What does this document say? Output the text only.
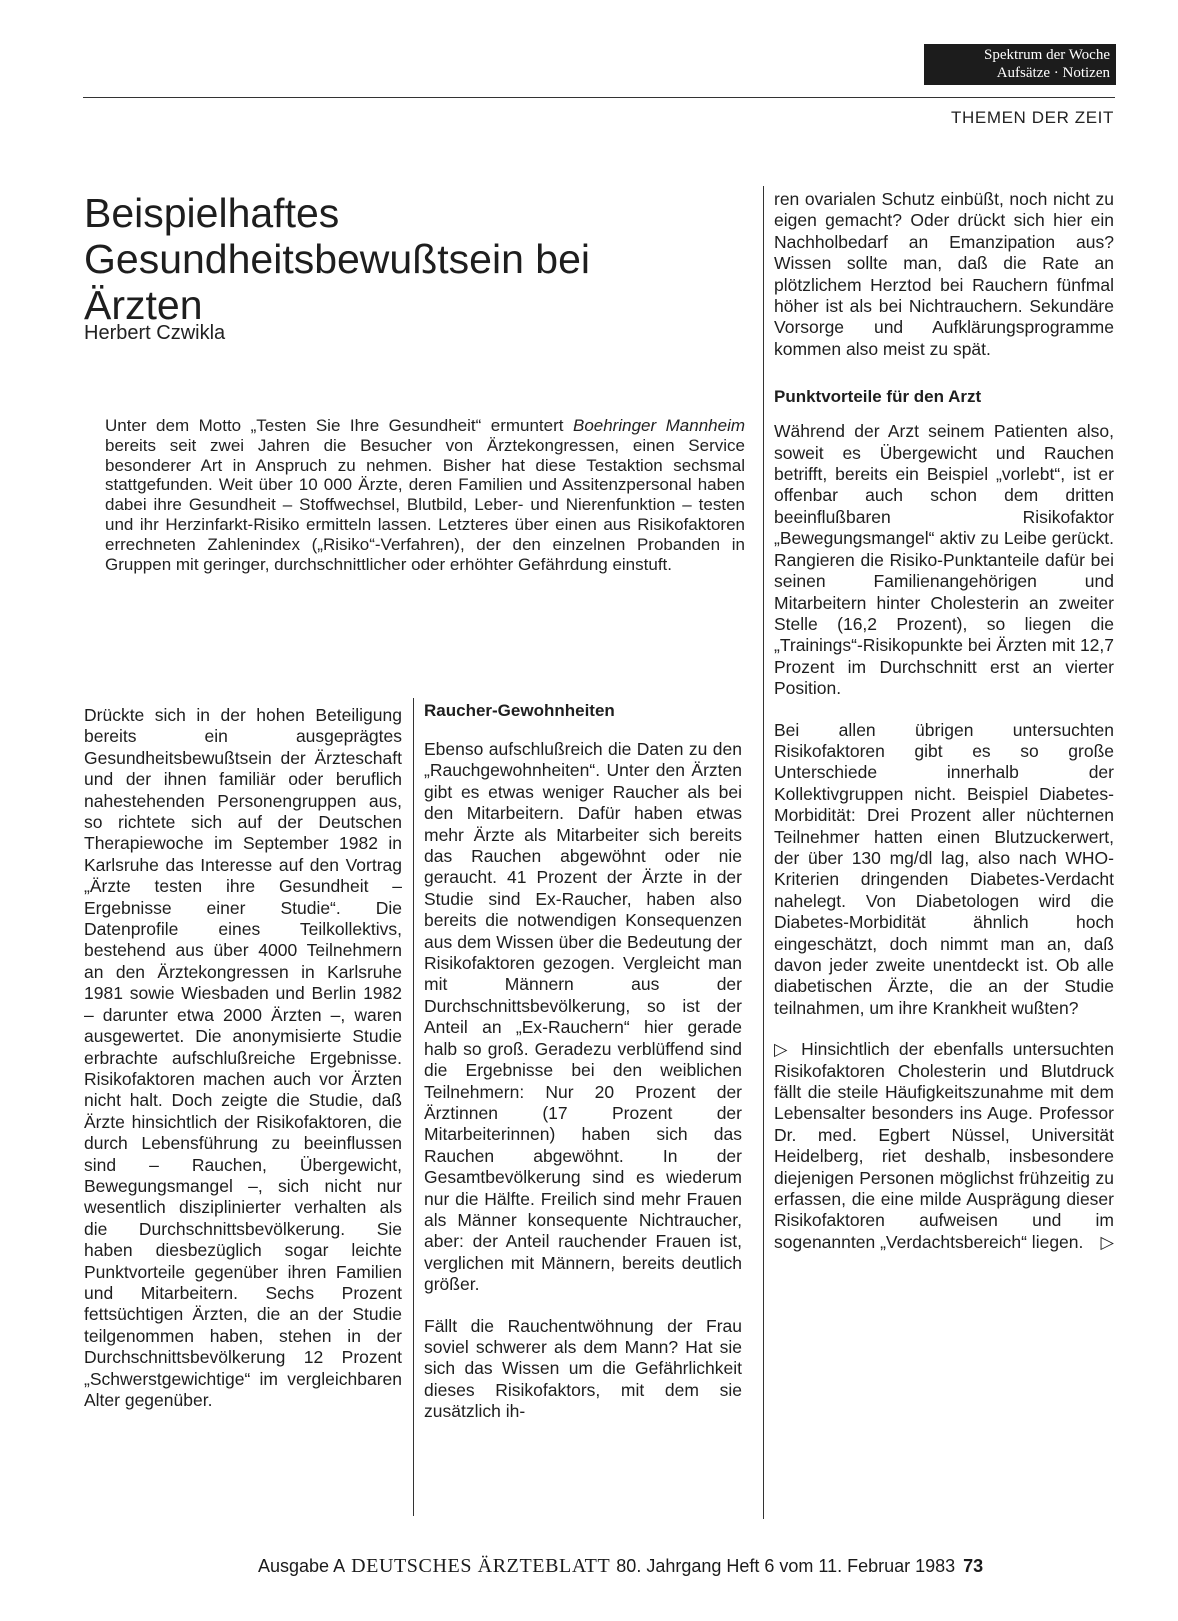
Spektrum der Woche
Aufsätze · Notizen
THEMEN DER ZEIT
Beispielhaftes Gesundheitsbewußtsein bei Ärzten
Herbert Czwikla

Unter dem Motto „Testen Sie Ihre Gesundheit“ ermuntert Boehringer Mannheim bereits seit zwei Jahren die Besucher von Ärztekongressen, einen Service besonderer Art in Anspruch zu nehmen. Bisher hat diese Testaktion sechsmal stattgefunden. Weit über 10 000 Ärzte, deren Familien und Assitenzpersonal haben dabei ihre Gesundheit – Stoffwechsel, Blutbild, Leber- und Nierenfunktion – testen und ihr Herzinfarkt-Risiko ermitteln lassen. Letzteres über einen aus Risikofaktoren errechneten Zahlenindex („Risiko“-Verfahren), der den einzelnen Probanden in Gruppen mit geringer, durchschnittlicher oder erhöhter Gefährdung einstuft.

Drückte sich in der hohen Beteiligung bereits ein ausgeprägtes Gesundheitsbewußtsein der Ärzteschaft und der ihnen familiär oder beruflich nahestehenden Personengruppen aus, so richtete sich auf der Deutschen Therapiewoche im September 1982 in Karlsruhe das Interesse auf den Vortrag „Ärzte testen ihre Gesundheit – Ergebnisse einer Studie“. Die Datenprofile eines Teilkollektivs, bestehend aus über 4000 Teilnehmern an den Ärztekongressen in Karlsruhe 1981 sowie Wiesbaden und Berlin 1982 – darunter etwa 2000 Ärzten –, waren ausgewertet. Die anonymisierte Studie erbrachte aufschlußreiche Ergebnisse. Risikofaktoren machen auch vor Ärzten nicht halt. Doch zeigte die Studie, daß Ärzte hinsichtlich der Risikofaktoren, die durch Lebensführung zu beeinflussen sind – Rauchen, Übergewicht, Bewegungsmangel –, sich nicht nur wesentlich disziplinierter verhalten als die Durchschnittsbevölkerung. Sie haben diesbezüglich sogar leichte Punktvorteile gegenüber ihren Familien und Mitarbeitern. Sechs Prozent fettsüchtigen Ärzten, die an der Studie teilgenommen haben, stehen in der Durchschnittsbevölkerung 12 Prozent „Schwerstgewichtige“ im vergleichbaren Alter gegenüber.

Raucher-Gewohnheiten

Ebenso aufschlußreich die Daten zu den „Rauchgewohnheiten“. Unter den Ärzten gibt es etwas weniger Raucher als bei den Mitarbeitern. Dafür haben etwas mehr Ärzte als Mitarbeiter sich bereits das Rauchen abgewöhnt oder nie geraucht. 41 Prozent der Ärzte in der Studie sind Ex-Raucher, haben also bereits die notwendigen Konsequenzen aus dem Wissen über die Bedeutung der Risikofaktoren gezogen. Vergleicht man mit Männern aus der Durchschnittsbevölkerung, so ist der Anteil an „Ex-Rauchern“ hier gerade halb so groß. Geradezu verblüffend sind die Ergebnisse bei den weiblichen Teilnehmern: Nur 20 Prozent der Ärztinnen (17 Prozent der Mitarbeiterinnen) haben sich das Rauchen abgewöhnt. In der Gesamtbevölkerung sind es wiederum nur die Hälfte. Freilich sind mehr Frauen als Männer konsequente Nichtraucher, aber: der Anteil rauchender Frauen ist, verglichen mit Männern, bereits deutlich größer.

Fällt die Rauchentwöhnung der Frau soviel schwerer als dem Mann? Hat sie sich das Wissen um die Gefährlichkeit dieses Risikofaktors, mit dem sie zusätzlich ih-

ren ovarialen Schutz einbüßt, noch nicht zu eigen gemacht? Oder drückt sich hier ein Nachholbedarf an Emanzipation aus? Wissen sollte man, daß die Rate an plötzlichem Herztod bei Rauchern fünfmal höher ist als bei Nichtrauchern. Sekundäre Vorsorge und Aufklärungsprogramme kommen also meist zu spät.

Punktvorteile für den Arzt

Während der Arzt seinem Patienten also, soweit es Übergewicht und Rauchen betrifft, bereits ein Beispiel „vorlebt“, ist er offenbar auch schon dem dritten beeinflußbaren Risikofaktor „Bewegungsmangel“ aktiv zu Leibe gerückt. Rangieren die Risiko-Punktanteile dafür bei seinen Familienangehörigen und Mitarbeitern hinter Cholesterin an zweiter Stelle (16,2 Prozent), so liegen die „Trainings“-Risikopunkte bei Ärzten mit 12,7 Prozent im Durchschnitt erst an vierter Position.

Bei allen übrigen untersuchten Risikofaktoren gibt es so große Unterschiede innerhalb der Kollektivgruppen nicht. Beispiel Diabetes-Morbidität: Drei Prozent aller nüchternen Teilnehmer hatten einen Blutzuckerwert, der über 130 mg/dl lag, also nach WHO-Kriterien dringenden Diabetes-Verdacht nahelegt. Von Diabetologen wird die Diabetes-Morbidität ähnlich hoch eingeschätzt, doch nimmt man an, daß davon jeder zweite unentdeckt ist. Ob alle diabetischen Ärzte, die an der Studie teilnahmen, um ihre Krankheit wußten?

▷ Hinsichtlich der ebenfalls untersuchten Risikofaktoren Cholesterin und Blutdruck fällt die steile Häufigkeitszunahme mit dem Lebensalter besonders ins Auge. Professor Dr. med. Egbert Nüssel, Universität Heidelberg, riet deshalb, insbesondere diejenigen Personen möglichst frühzeitig zu erfassen, die eine milde Ausprägung dieser Risikofaktoren aufweisen und im sogenannten „Verdachtsbereich“ liegen. ▷

Ausgabe A DEUTSCHES ÄRZTEBLATT 80. Jahrgang Heft 6 vom 11. Februar 1983 73
